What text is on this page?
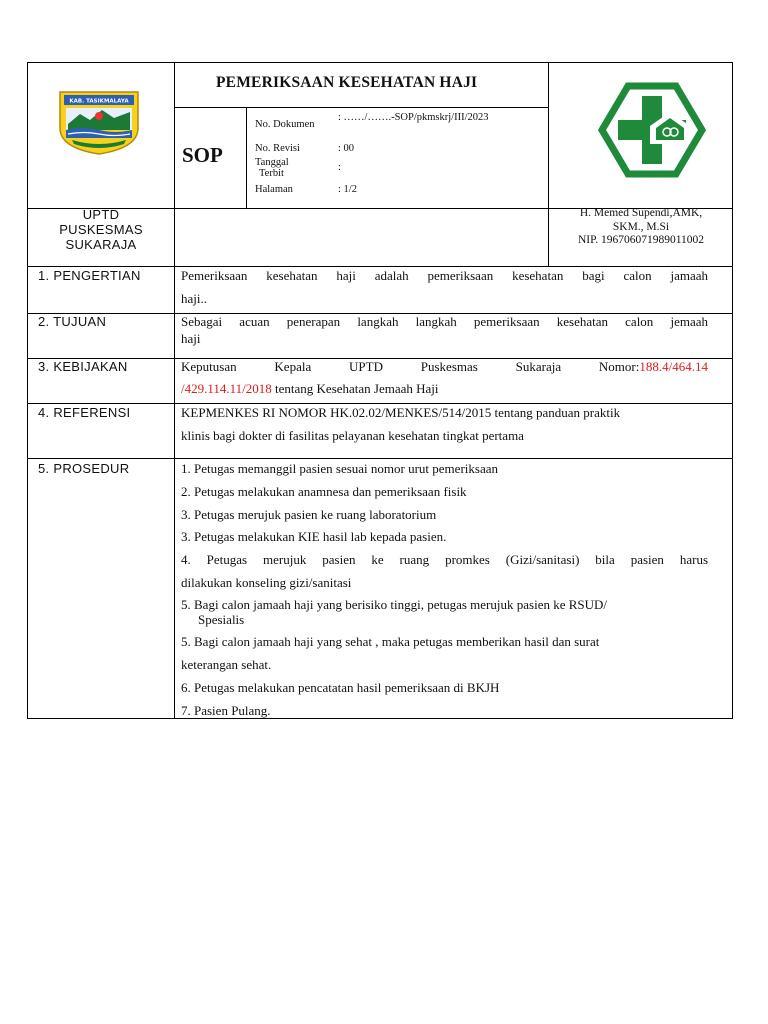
KAB. TASIKMALAYA
PEMERIKSAAN KESEHATAN HAJI
SOP
No. Dokumen
: ……/…….-SOP/pkmskrj/III/2023
No. Revisi	: 00
Tanggal
Terbit
:
Halaman	: 1/2
UPTD
PUSKESMAS
SUKARAJA
H. Memed Supendi,AMK,
SKM., M.Si
NIP. 196706071989011002
1. PENGERTIAN	Pemeriksaan kesehatan haji adalah pemeriksaan kesehatan bagi calon jamaah
haji..
2. TUJUAN	Sebagai acuan penerapan langkah langkah pemeriksaan kesehatan calon jemaah
haji
3. KEBIJAKAN	Keputusan	Kepala	UPTD	Puskesmas	Sukaraja	Nomor:188.4/464.14
/429.114.11/2018 tentang Kesehatan Jemaah Haji
4. REFERENSI	KEPMENKES RI NOMOR HK.02.02/MENKES/514/2015 tentang panduan praktik
klinis bagi dokter di fasilitas pelayanan kesehatan tingkat pertama
5. PROSEDUR	1. Petugas memanggil pasien sesuai nomor urut pemeriksaan
2. Petugas melakukan anamnesa dan pemeriksaan fisik
3. Petugas merujuk pasien ke ruang laboratorium
3. Petugas melakukan KIE hasil lab kepada pasien.
4. Petugas merujuk pasien ke ruang promkes (Gizi/sanitasi) bila pasien harus
dilakukan konseling gizi/sanitasi
5. Bagi calon jamaah haji yang berisiko tinggi, petugas merujuk pasien ke RSUD/
Spesialis
5. Bagi calon jamaah haji yang sehat , maka petugas memberikan hasil dan surat
keterangan sehat.
6. Petugas melakukan pencatatan hasil pemeriksaan di BKJH
7. Pasien Pulang.
